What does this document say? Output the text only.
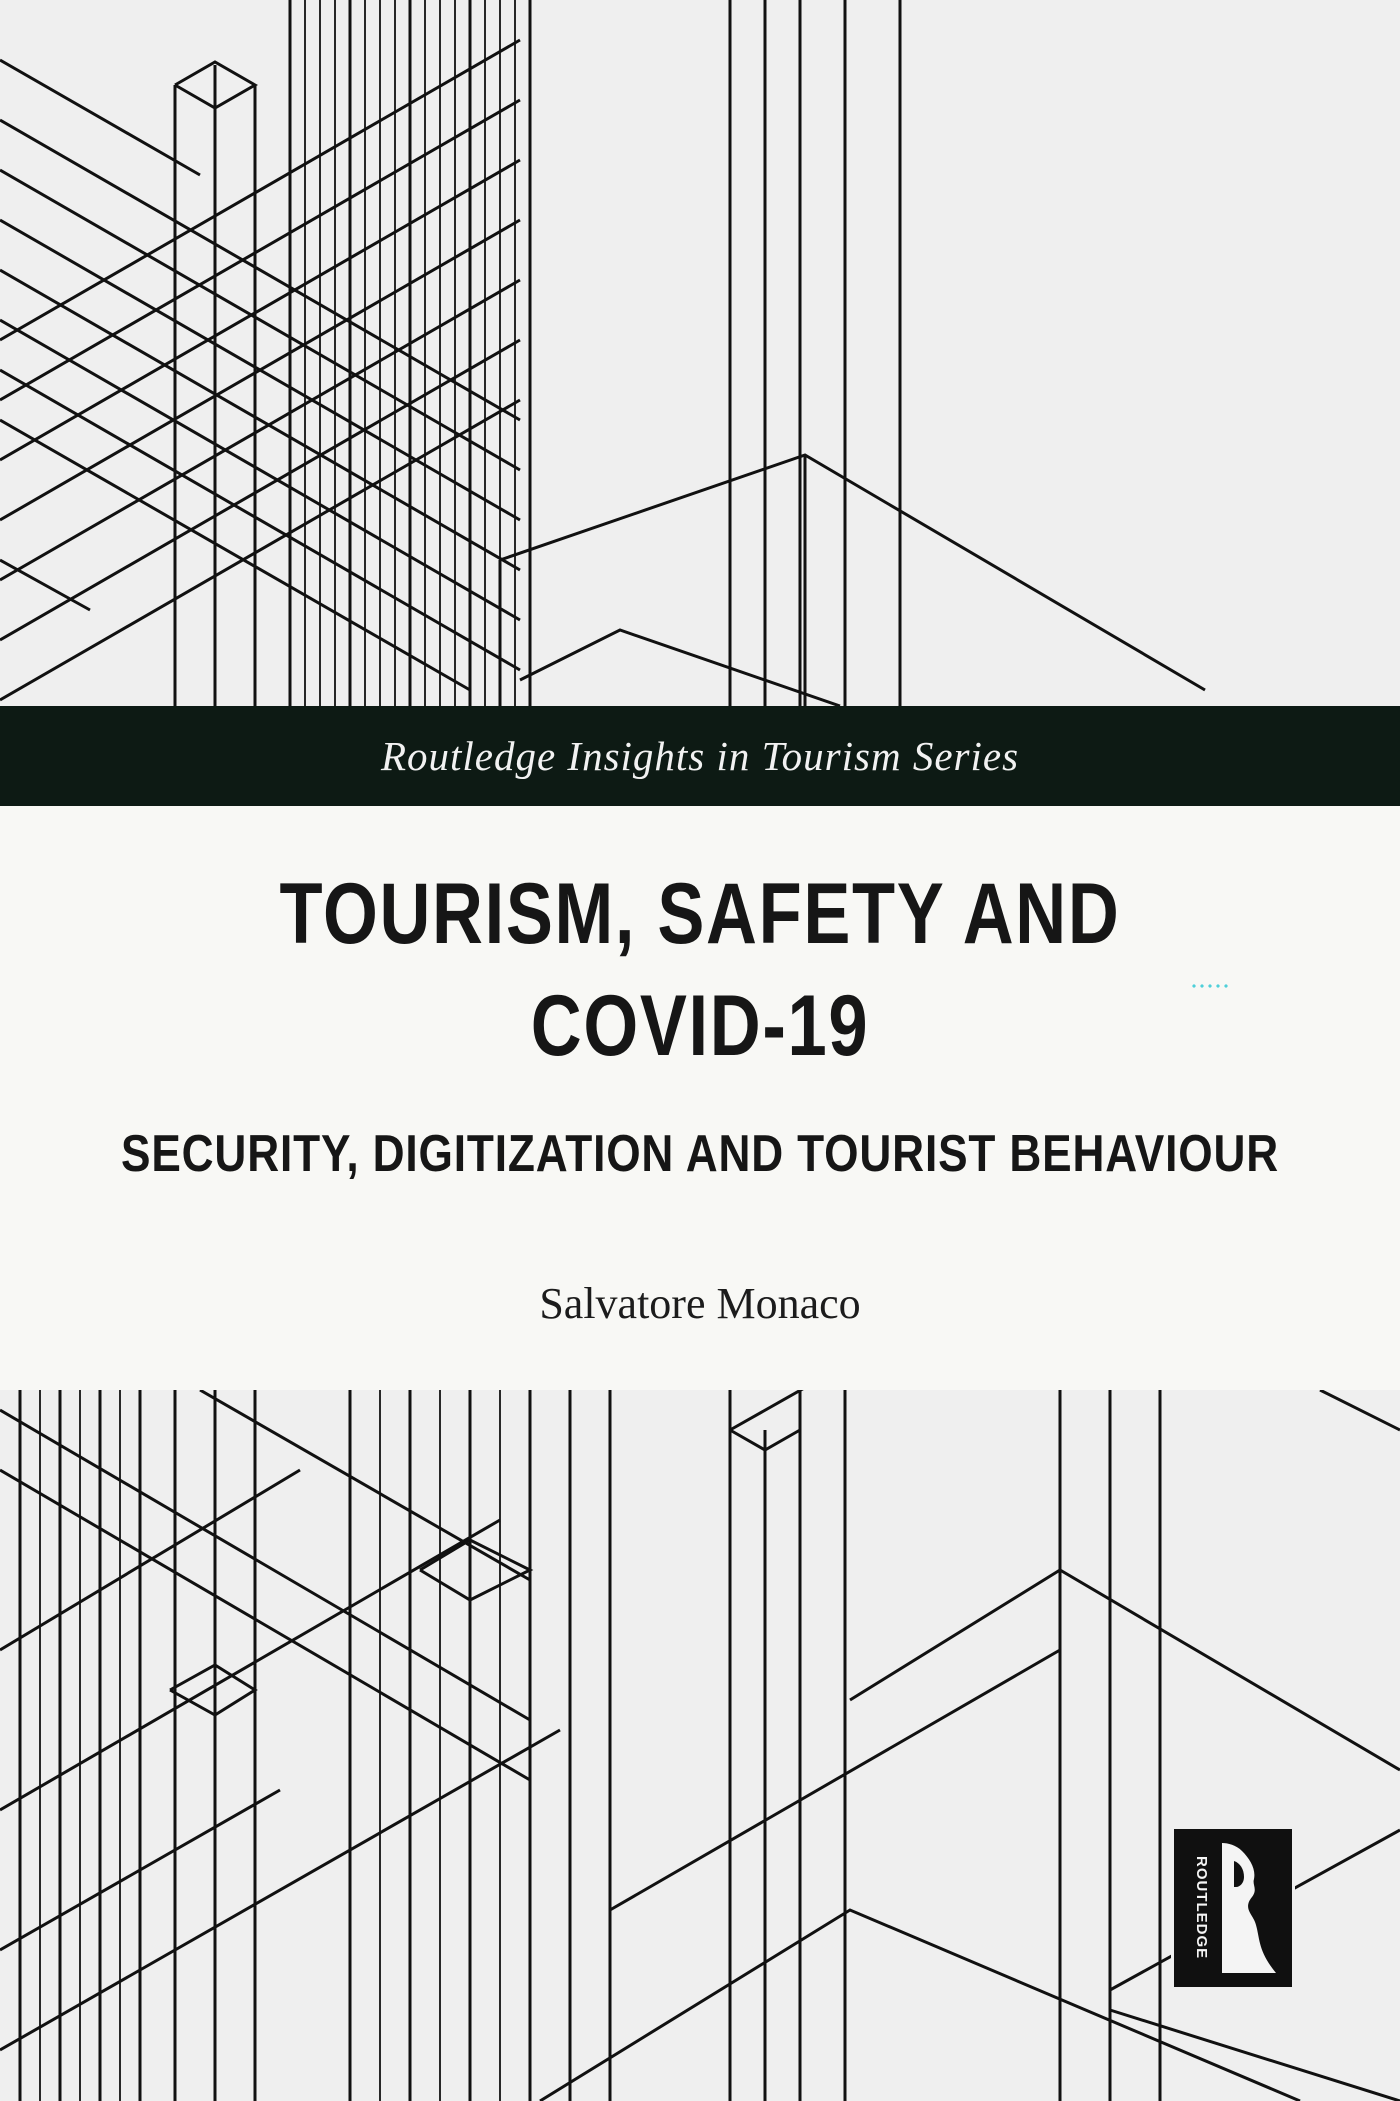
Routledge Insights in Tourism Series
TOURISM, SAFETY AND
COVID-19
SECURITY, DIGITIZATION AND TOURIST BEHAVIOUR
Salvatore Monaco
ROUTLEDGE
